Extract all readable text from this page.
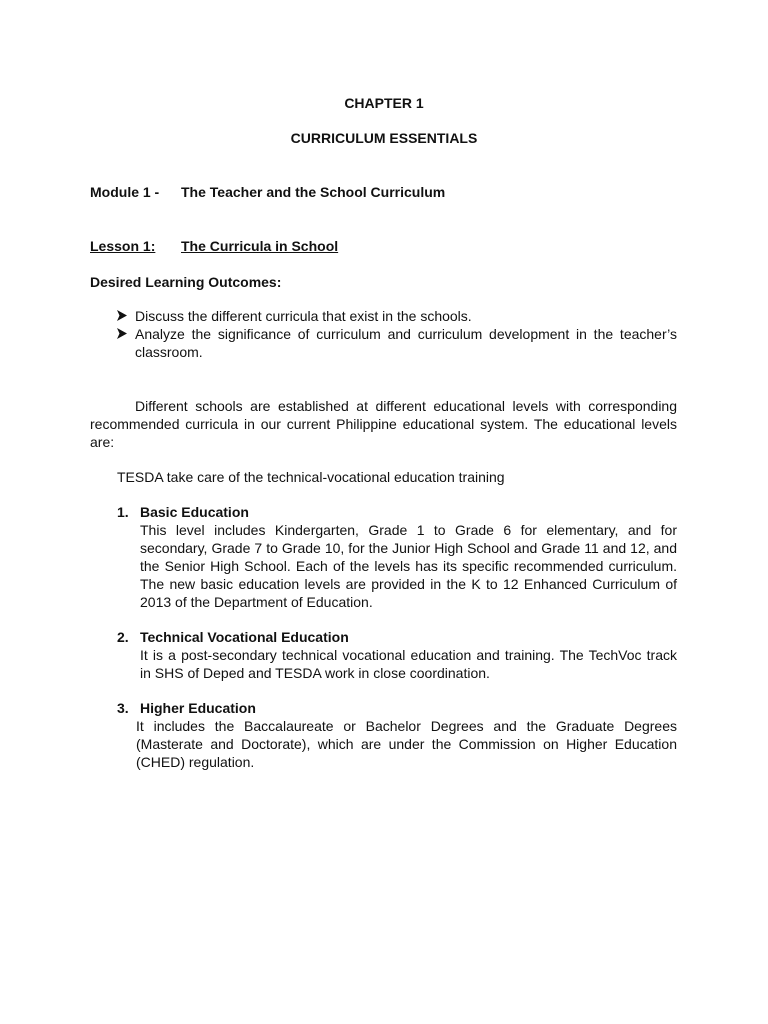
CHAPTER 1
CURRICULUM ESSENTIALS
Module 1 - The Teacher and the School Curriculum
Lesson 1: The Curricula in School
Desired Learning Outcomes:
Discuss the different curricula that exist in the schools.
Analyze the significance of curriculum and curriculum development in the teacher’s classroom.
Different schools are established at different educational levels with corresponding recommended curricula in our current Philippine educational system. The educational levels are:
TESDA take care of the technical-vocational education training
1. Basic Education
This level includes Kindergarten, Grade 1 to Grade 6 for elementary, and for secondary, Grade 7 to Grade 10, for the Junior High School and Grade 11 and 12, and the Senior High School. Each of the levels has its specific recommended curriculum. The new basic education levels are provided in the K to 12 Enhanced Curriculum of 2013 of the Department of Education.
2. Technical Vocational Education
It is a post-secondary technical vocational education and training. The TechVoc track in SHS of Deped and TESDA work in close coordination.
3. Higher Education
It includes the Baccalaureate or Bachelor Degrees and the Graduate Degrees (Masterate and Doctorate), which are under the Commission on Higher Education (CHED) regulation.
